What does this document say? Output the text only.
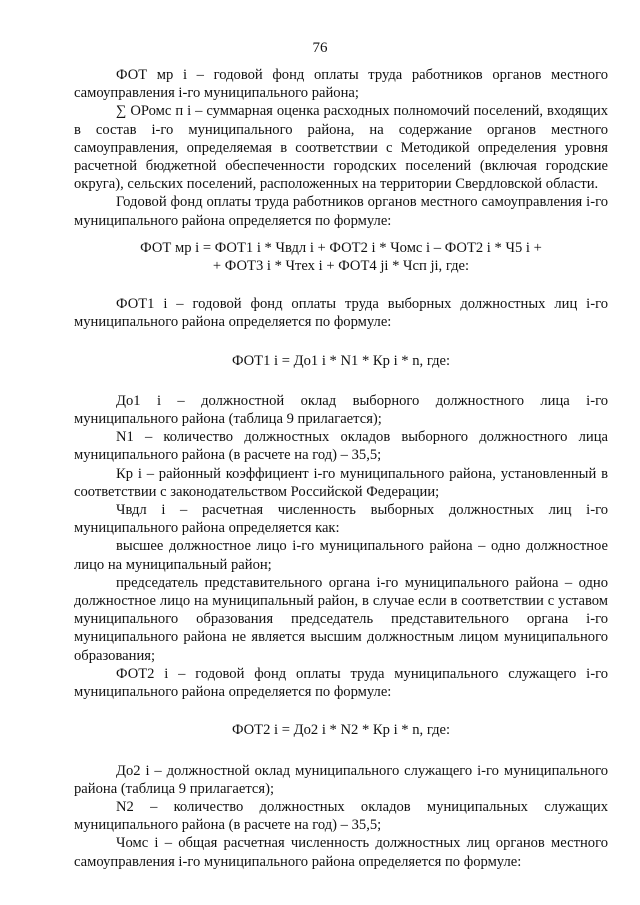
76

ФОТ мр i – годовой фонд оплаты труда работников органов местного самоуправления i-го муниципального района;

∑ ОРомс п i – суммарная оценка расходных полномочий поселений, входящих в состав i-го муниципального района, на содержание органов местного самоуправления, определяемая в соответствии с Методикой определения уровня расчетной бюджетной обеспеченности городских поселений (включая городские округа), сельских поселений, расположенных на территории Свердловской области.

Годовой фонд оплаты труда работников органов местного самоуправления i-го муниципального района определяется по формуле:

ФОТ мр i = ФОТ1 i * Чвдл i + ФОТ2 i * Чомс i – ФОТ2 i * Ч5 i +

+ ФОТ3 i * Чтех i + ФОТ4 ji * Чсп ji, где:

ФОТ1 i – годовой фонд оплаты труда выборных должностных лиц i-го муниципального района определяется по формуле:

ФОТ1 i = До1 i * N1 * Кр i * n, где:

До1 i – должностной оклад выборного должностного лица i-го муниципального района (таблица 9 прилагается);

N1 – количество должностных окладов выборного должностного лица муниципального района (в расчете на год) – 35,5;

Кр i – районный коэффициент i-го муниципального района, установленный в соответствии с законодательством Российской Федерации;

Чвдл i – расчетная численность выборных должностных лиц i-го муниципального района определяется как:

высшее должностное лицо i-го муниципального района – одно должностное лицо на муниципальный район;

председатель представительного органа i-го муниципального района – одно должностное лицо на муниципальный район, в случае если в соответствии с уставом муниципального образования председатель представительного органа i-го муниципального района не является высшим должностным лицом муниципального образования;

ФОТ2 i – годовой фонд оплаты труда муниципального служащего i-го муниципального района определяется по формуле:

ФОТ2 i = До2 i * N2 * Кр i * n, где:

До2 i – должностной оклад муниципального служащего i-го муниципального района (таблица 9 прилагается);

N2 – количество должностных окладов муниципальных служащих муниципального района (в расчете на год) – 35,5;

Чомс i – общая расчетная численность должностных лиц органов местного самоуправления i-го муниципального района определяется по формуле:
